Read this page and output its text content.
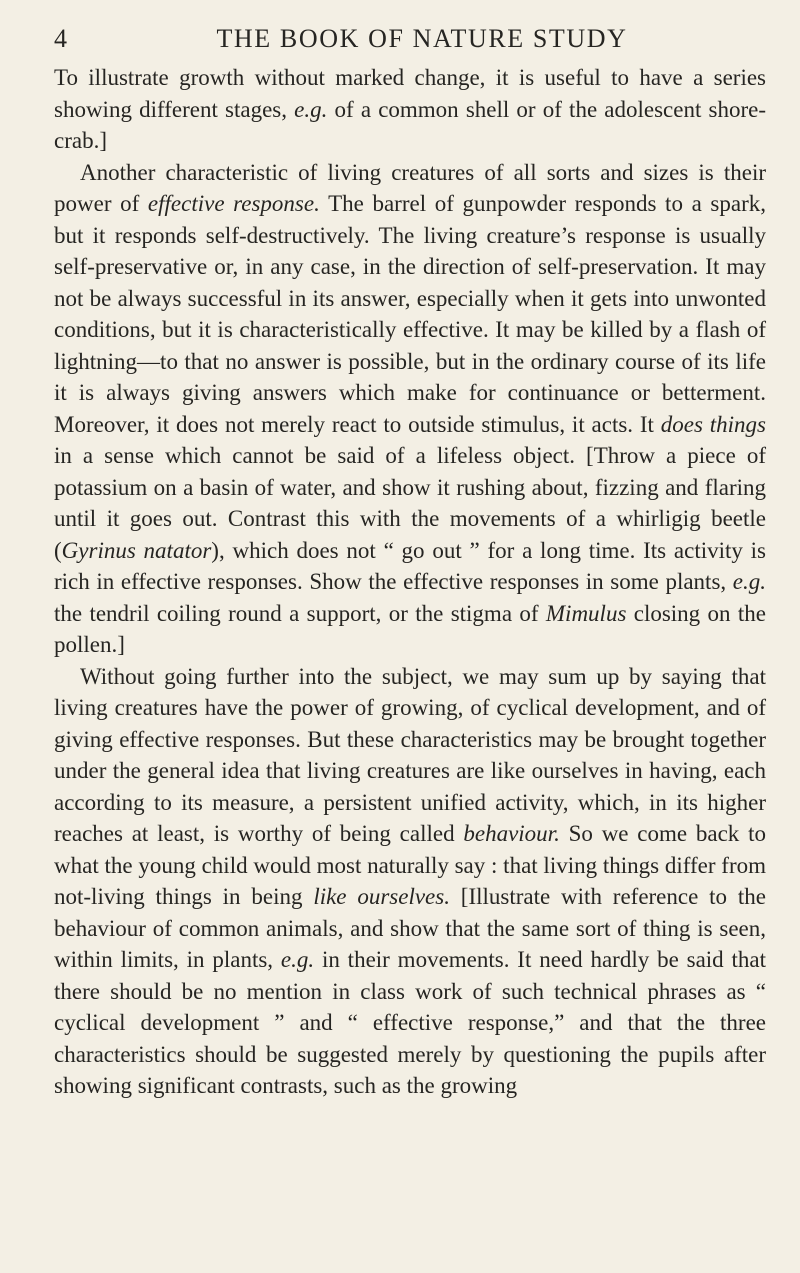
4	THE BOOK OF NATURE STUDY

To illustrate growth without marked change, it is useful to have a series showing different stages, e.g. of a common shell or of the adolescent shore-crab.]

Another characteristic of living creatures of all sorts and sizes is their power of effective response. The barrel of gunpowder responds to a spark, but it responds self-destructively. The living creature’s response is usually self-preservative or, in any case, in the direction of self-preservation. It may not be always successful in its answer, especially when it gets into unwonted conditions, but it is characteristically effective. It may be killed by a flash of lightning—to that no answer is possible, but in the ordinary course of its life it is always giving answers which make for continuance or betterment. Moreover, it does not merely react to outside stimulus, it acts. It does things in a sense which cannot be said of a lifeless object. [Throw a piece of potassium on a basin of water, and show it rushing about, fizzing and flaring until it goes out. Contrast this with the movements of a whirligig beetle (Gyrinus natator), which does not “ go out ” for a long time. Its activity is rich in effective responses. Show the effective responses in some plants, e.g. the tendril coiling round a support, or the stigma of Mimulus closing on the pollen.]

Without going further into the subject, we may sum up by saying that living creatures have the power of growing, of cyclical development, and of giving effective responses. But these characteristics may be brought together under the general idea that living creatures are like ourselves in having, each according to its measure, a persistent unified activity, which, in its higher reaches at least, is worthy of being called behaviour. So we come back to what the young child would most naturally say : that living things differ from not-living things in being like ourselves. [Illustrate with reference to the behaviour of common animals, and show that the same sort of thing is seen, within limits, in plants, e.g. in their movements. It need hardly be said that there should be no mention in class work of such technical phrases as “ cyclical development ” and “ effective response,” and that the three characteristics should be suggested merely by questioning the pupils after showing significant contrasts, such as the growing
